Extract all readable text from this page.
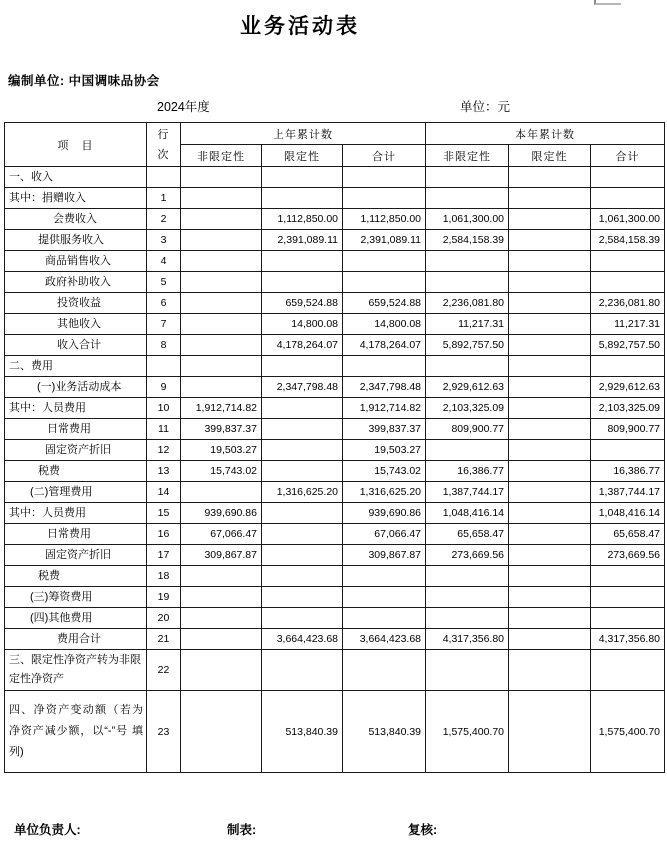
业务活动表
编制单位: 中国调味品协会
2024年度	单位：元
项　目	行
次	上年累计数			本年累计数		
		非限定性	限定性	合计	非限定性	限定性	合计
一、收入							
其中：捐赠收入	1						
会费收入	2		1,112,850.00	1,112,850.00	1,061,300.00		1,061,300.00
提供服务收入	3		2,391,089.11	2,391,089.11	2,584,158.39		2,584,158.39
商品销售收入	4						
政府补助收入	5						
投资收益	6		659,524.88	659,524.88	2,236,081.80		2,236,081.80
其他收入	7		14,800.08	14,800.08	11,217.31		11,217.31
收入合计	8		4,178,264.07	4,178,264.07	5,892,757.50		5,892,757.50
二、费用							
(一)业务活动成本	9		2,347,798.48	2,347,798.48	2,929,612.63		2,929,612.63
其中：人员费用	10	1,912,714.82		1,912,714.82	2,103,325.09		2,103,325.09
日常费用	11	399,837.37		399,837.37	809,900.77		809,900.77
固定资产折旧	12	19,503.27		19,503.27			
税费	13	15,743.02		15,743.02	16,386.77		16,386.77
(二)管理费用	14		1,316,625.20	1,316,625.20	1,387,744.17		1,387,744.17
其中：人员费用	15	939,690.86		939,690.86	1,048,416.14		1,048,416.14
日常费用	16	67,066.47		67,066.47	65,658.47		65,658.47
固定资产折旧	17	309,867.87		309,867.87	273,669.56		273,669.56
税费	18						
(三)筹资费用	19						
(四)其他费用	20						
费用合计	21		3,664,423.68	3,664,423.68	4,317,356.80		4,317,356.80
三、限定性净资产转为非限定性净资产	22						
四、净资产变动额（若为 净资产减少额，以“-”号 填列)	23		513,840.39	513,840.39	1,575,400.70		1,575,400.70
单位负责人:	制表:	复核:
